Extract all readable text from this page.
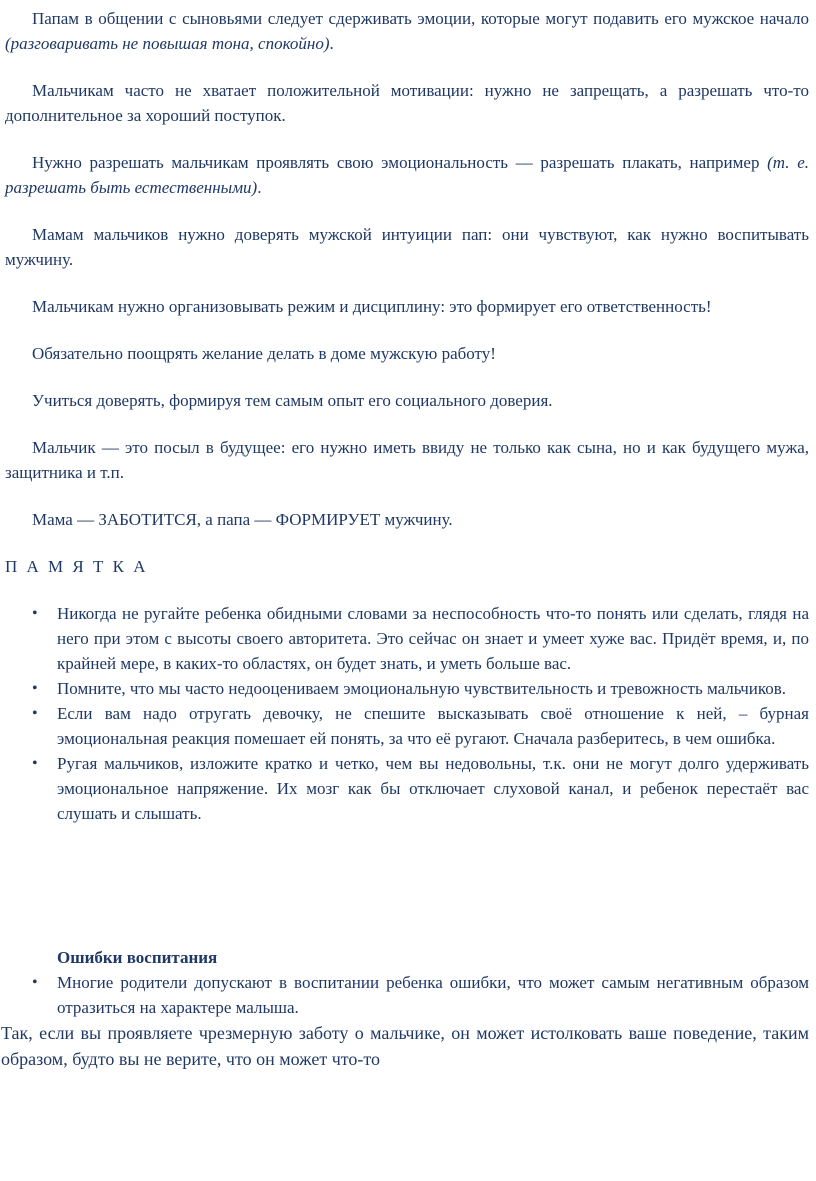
Папам в общении с сыновьями следует сдерживать эмоции, которые могут подавить его мужское начало (разговаривать не повышая тона, спокойно).

Мальчикам часто не хватает положительной мотивации: нужно не запрещать, а разрешать что-то дополнительное за хороший поступок.

Нужно разрешать мальчикам проявлять свою эмоциональность — разрешать плакать, например (т. е. разрешать быть естественными).

Мамам мальчиков нужно доверять мужской интуиции пап: они чувствуют, как нужно воспитывать мужчину.

Мальчикам нужно организовывать режим и дисциплину: это формирует его ответственность!

Обязательно поощрять желание делать в доме мужскую работу!

Учиться доверять, формируя тем самым опыт его социального доверия.

Мальчик — это посыл в будущее: его нужно иметь ввиду не только как сына, но и как будущего мужа, защитника и т.п.

Мама — ЗАБОТИТСЯ, а папа — ФОРМИРУЕТ мужчину.

П А М Я Т К А

• Никогда не ругайте ребенка обидными словами за неспособность что-то понять или сделать, глядя на него при этом с высоты своего авторитета. Это сейчас он знает и умеет хуже вас. Придёт время, и, по крайней мере, в каких-то областях, он будет знать, и уметь больше вас.
• Помните, что мы часто недооцениваем эмоциональную чувствительность и тревожность мальчиков.
• Если вам надо отругать девочку, не спешите высказывать своё отношение к ней, – бурная эмоциональная реакция помешает ей понять, за что её ругают. Сначала разберитесь, в чем ошибка.
• Ругая мальчиков, изложите кратко и четко, чем вы недовольны, т.к. они не могут долго удерживать эмоциональное напряжение. Их мозг как бы отключает слуховой канал, и ребенок перестаёт вас слушать и слышать.

Ошибки воспитания

• Многие родители допускают в воспитании ребенка ошибки, что может самым негативным образом отразиться на характере малыша.

Так, если вы проявляете чрезмерную заботу о мальчике, он может истолковать ваше поведение, таким образом, будто вы не верите, что он может что-то
